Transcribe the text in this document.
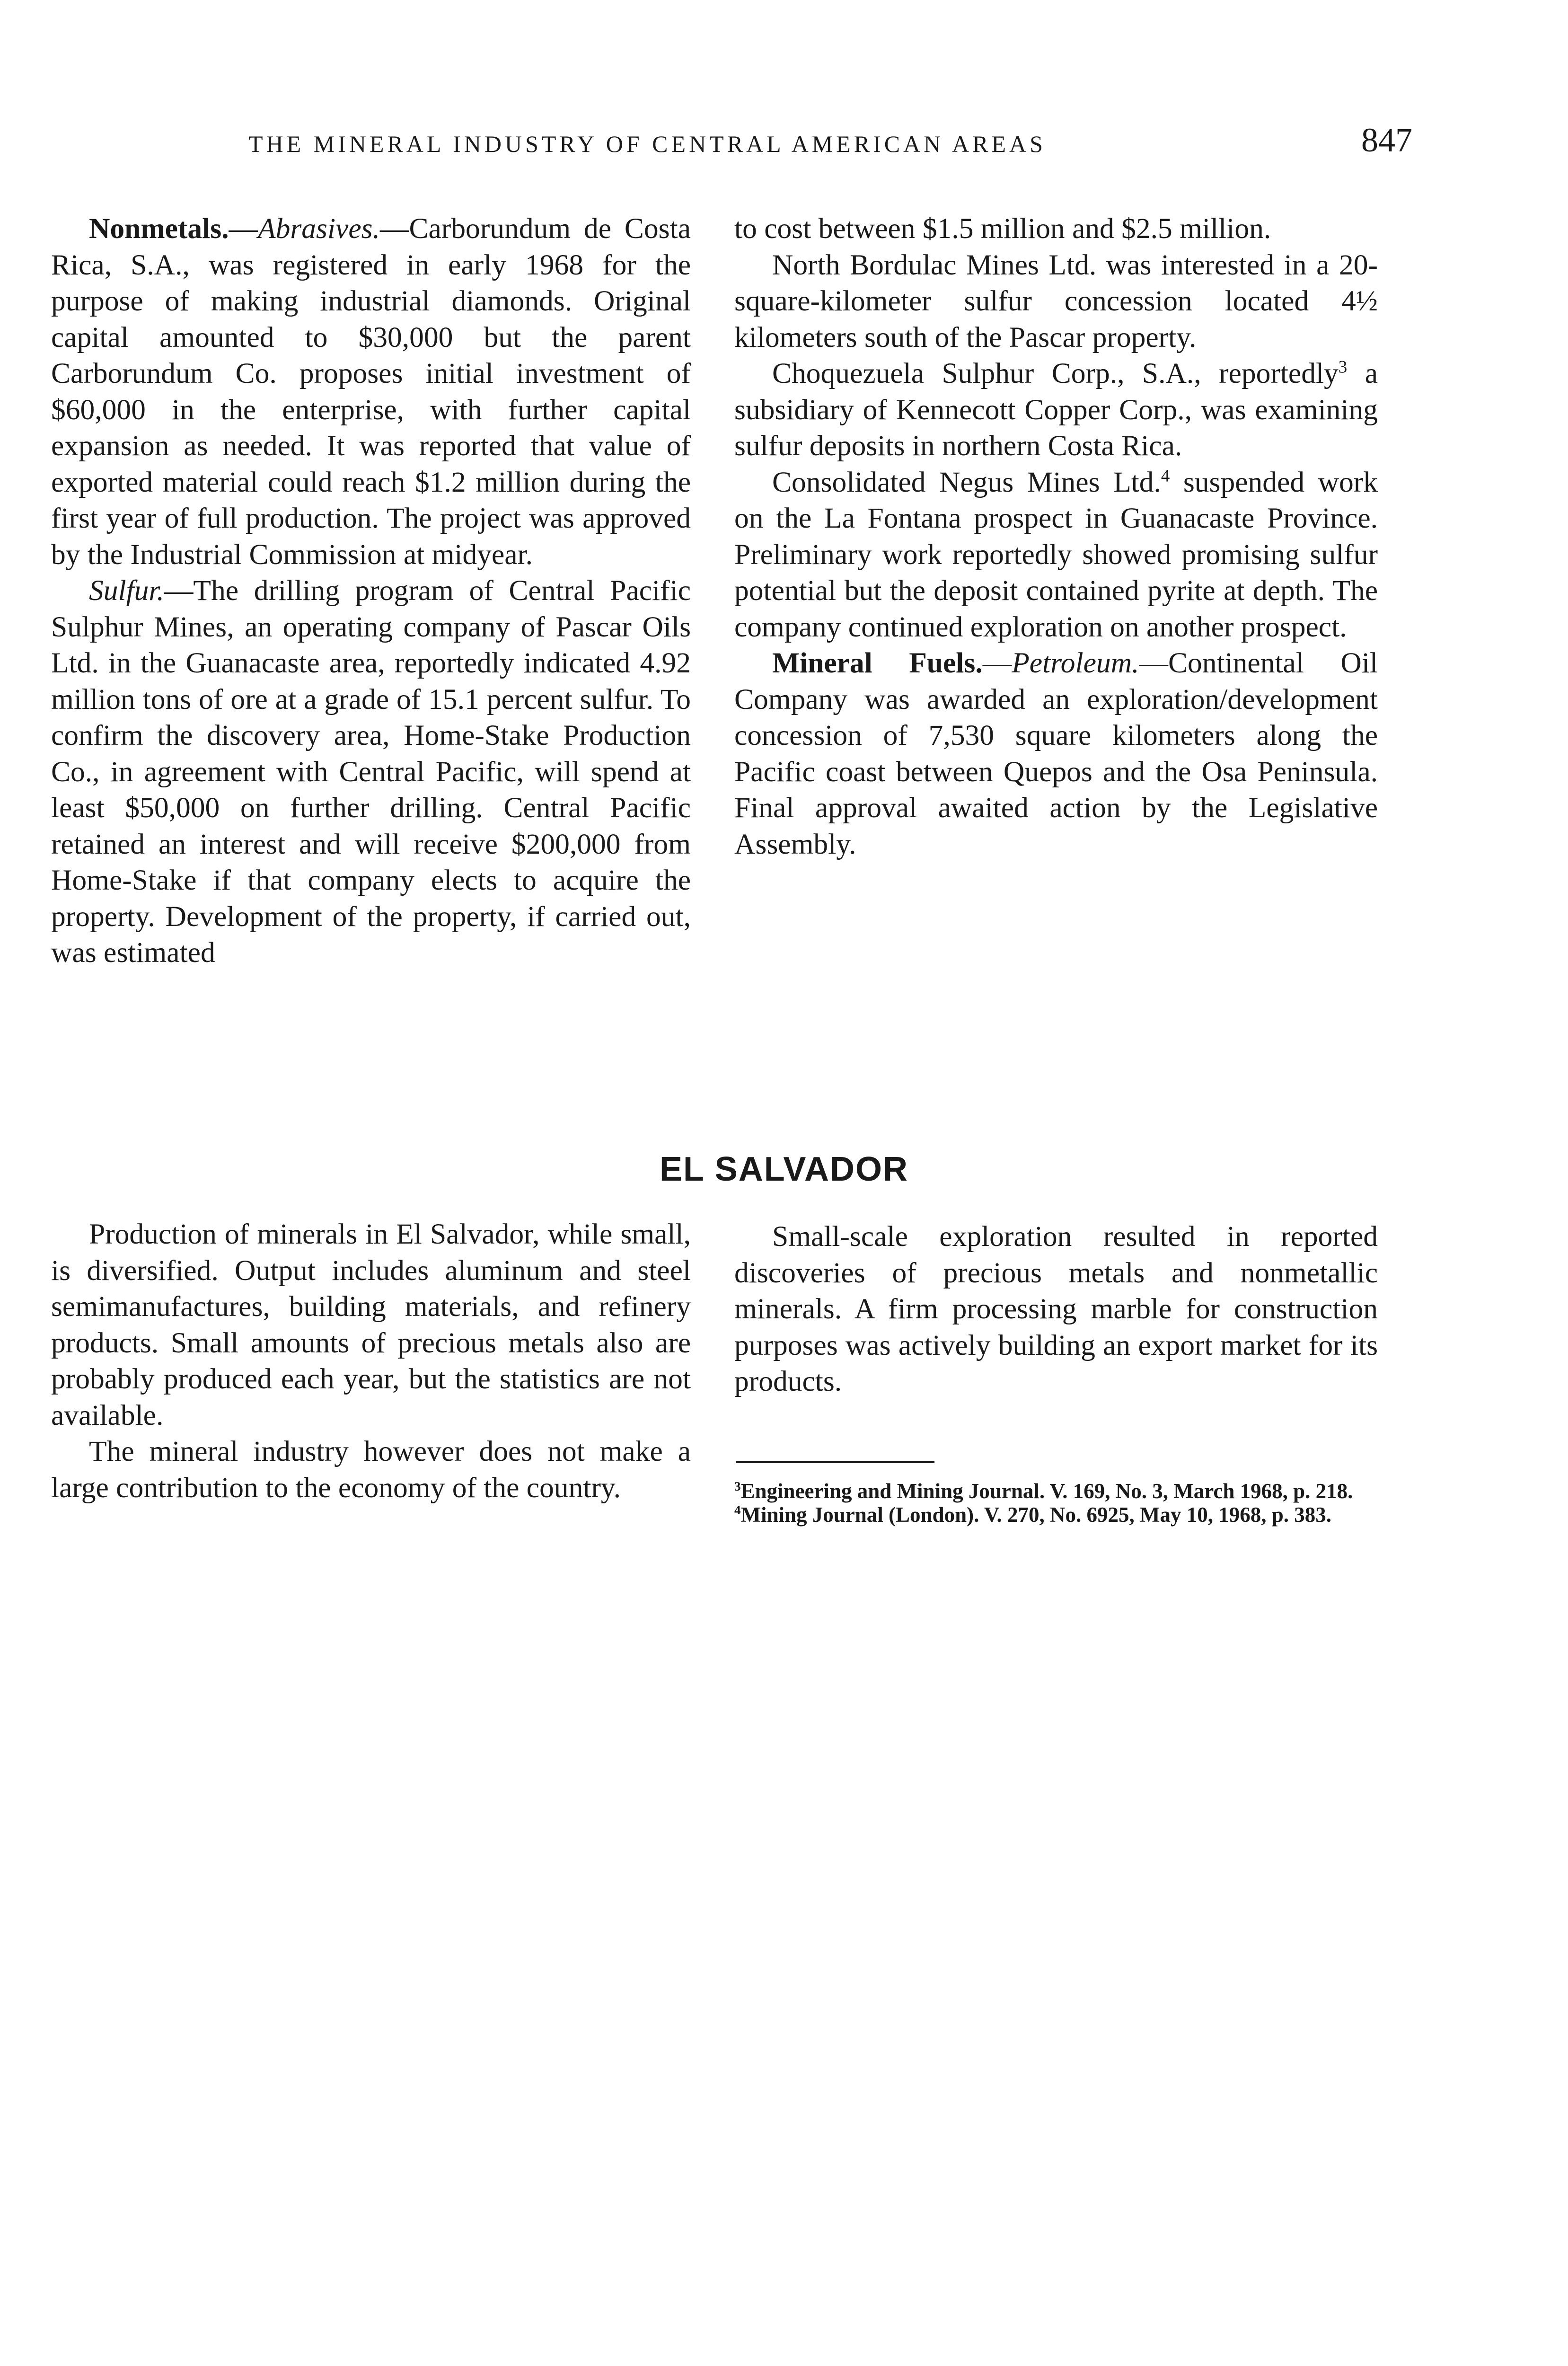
THE MINERAL INDUSTRY OF CENTRAL AMERICAN AREAS	847

Nonmetals.—Abrasives.—Carborundum de Costa Rica, S.A., was registered in early 1968 for the purpose of making industrial diamonds. Original capital amounted to $30,000 but the parent Carborundum Co. proposes initial investment of $60,000 in the enterprise, with further capital expansion as needed. It was reported that value of exported material could reach $1.2 million during the first year of full production. The project was approved by the Industrial Commission at midyear.

Sulfur.—The drilling program of Central Pacific Sulphur Mines, an operating company of Pascar Oils Ltd. in the Guanacaste area, reportedly indicated 4.92 million tons of ore at a grade of 15.1 percent sulfur. To confirm the discovery area, Home-Stake Production Co., in agreement with Central Pacific, will spend at least $50,000 on further drilling. Central Pacific retained an interest and will receive $200,000 from Home-Stake if that company elects to acquire the property. Development of the property, if carried out, was estimated

to cost between $1.5 million and $2.5 million.

North Bordulac Mines Ltd. was interested in a 20-square-kilometer sulfur concession located 4½ kilometers south of the Pascar property.

Choquezuela Sulphur Corp., S.A., reportedly$^3$ a subsidiary of Kennecott Copper Corp., was examining sulfur deposits in northern Costa Rica.

Consolidated Negus Mines Ltd.$^4$ suspended work on the La Fontana prospect in Guanacaste Province. Preliminary work reportedly showed promising sulfur potential but the deposit contained pyrite at depth. The company continued exploration on another prospect.

Mineral Fuels.—Petroleum.—Continental Oil Company was awarded an exploration/development concession of 7,530 square kilometers along the Pacific coast between Quepos and the Osa Peninsula. Final approval awaited action by the Legislative Assembly.

EL SALVADOR

Production of minerals in El Salvador, while small, is diversified. Output includes aluminum and steel semimanufactures, building materials, and refinery products. Small amounts of precious metals also are probably produced each year, but the statistics are not available.

The mineral industry however does not make a large contribution to the economy of the country.

Small-scale exploration resulted in reported discoveries of precious metals and nonmetallic minerals. A firm processing marble for construction purposes was actively building an export market for its products.

$^3$Engineering and Mining Journal. V. 169, No. 3, March 1968, p. 218.

$^4$Mining Journal (London). V. 270, No. 6925, May 10, 1968, p. 383.
